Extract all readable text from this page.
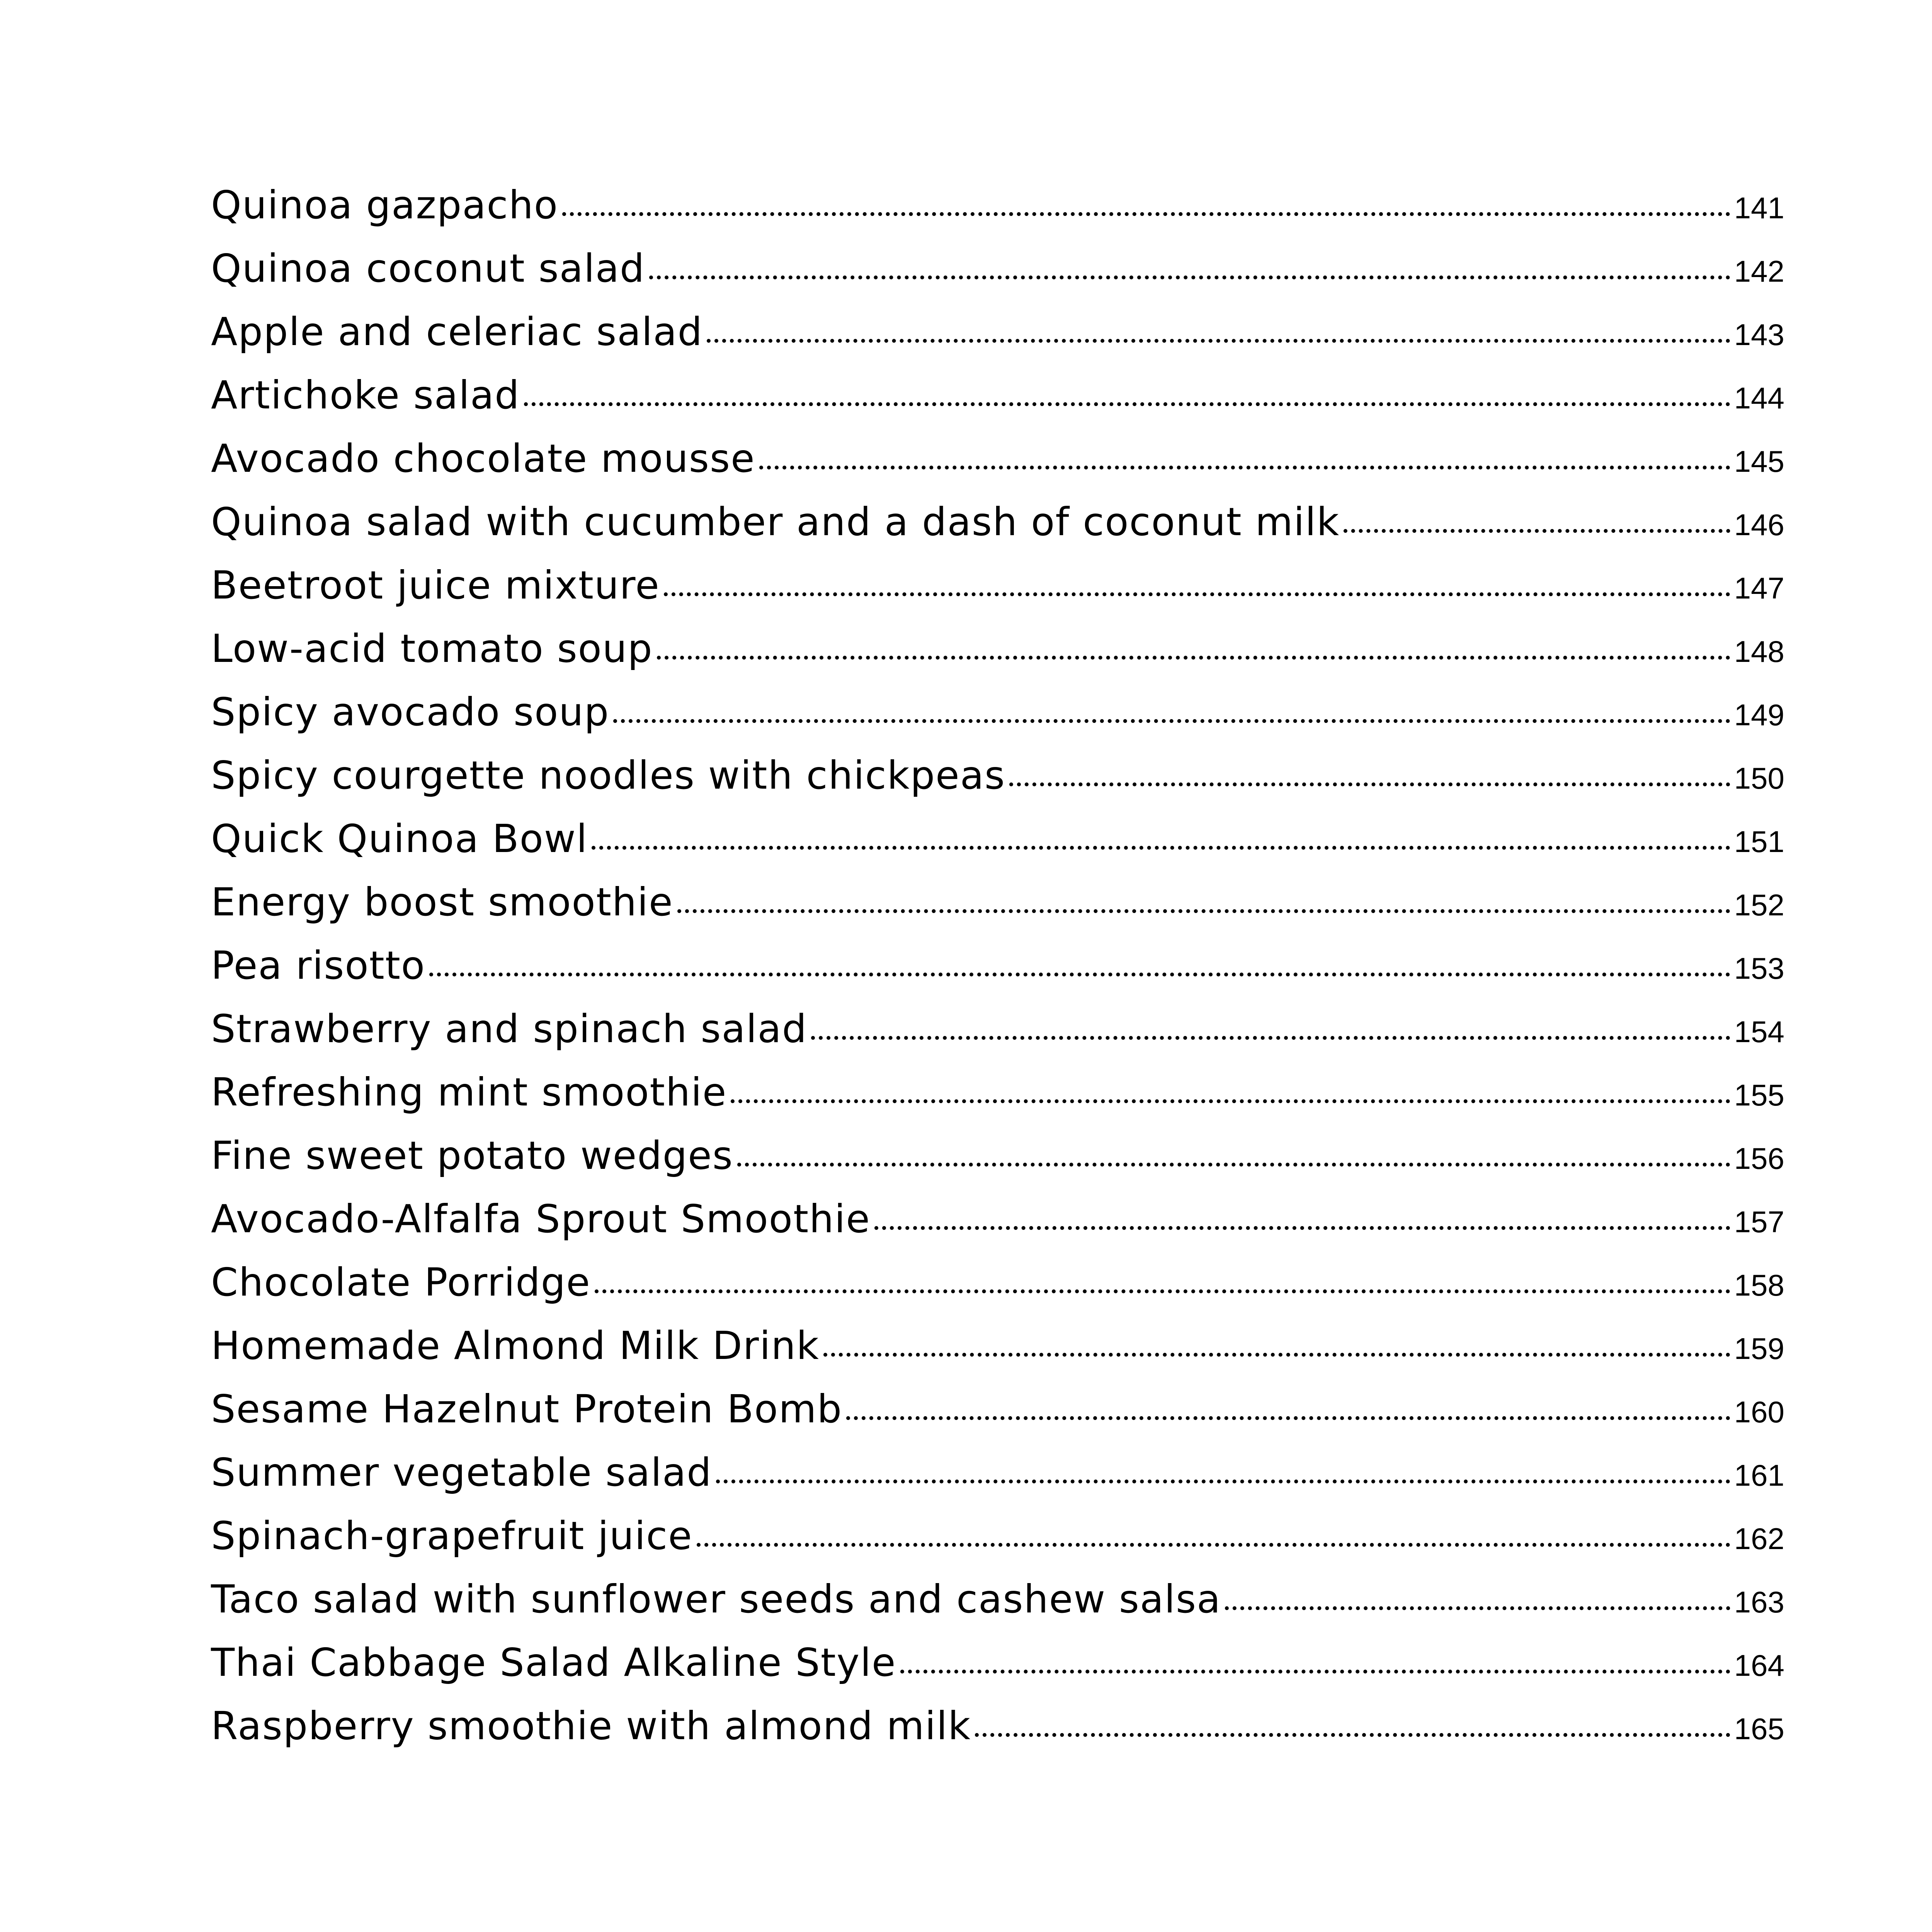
Quinoa gazpacho	141
Quinoa coconut salad	142
Apple and celeriac salad	143
Artichoke salad	144
Avocado chocolate mousse	145
Quinoa salad with cucumber and a dash of coconut milk	146
Beetroot juice mixture	147
Low-acid tomato soup	148
Spicy avocado soup	149
Spicy courgette noodles with chickpeas	150
Quick Quinoa Bowl	151
Energy boost smoothie	152
Pea risotto	153
Strawberry and spinach salad	154
Refreshing mint smoothie	155
Fine sweet potato wedges	156
Avocado-Alfalfa Sprout Smoothie	157
Chocolate Porridge	158
Homemade Almond Milk Drink	159
Sesame Hazelnut Protein Bomb	160
Summer vegetable salad	161
Spinach-grapefruit juice	162
Taco salad with sunflower seeds and cashew salsa	163
Thai Cabbage Salad Alkaline Style	164
Raspberry smoothie with almond milk	165
